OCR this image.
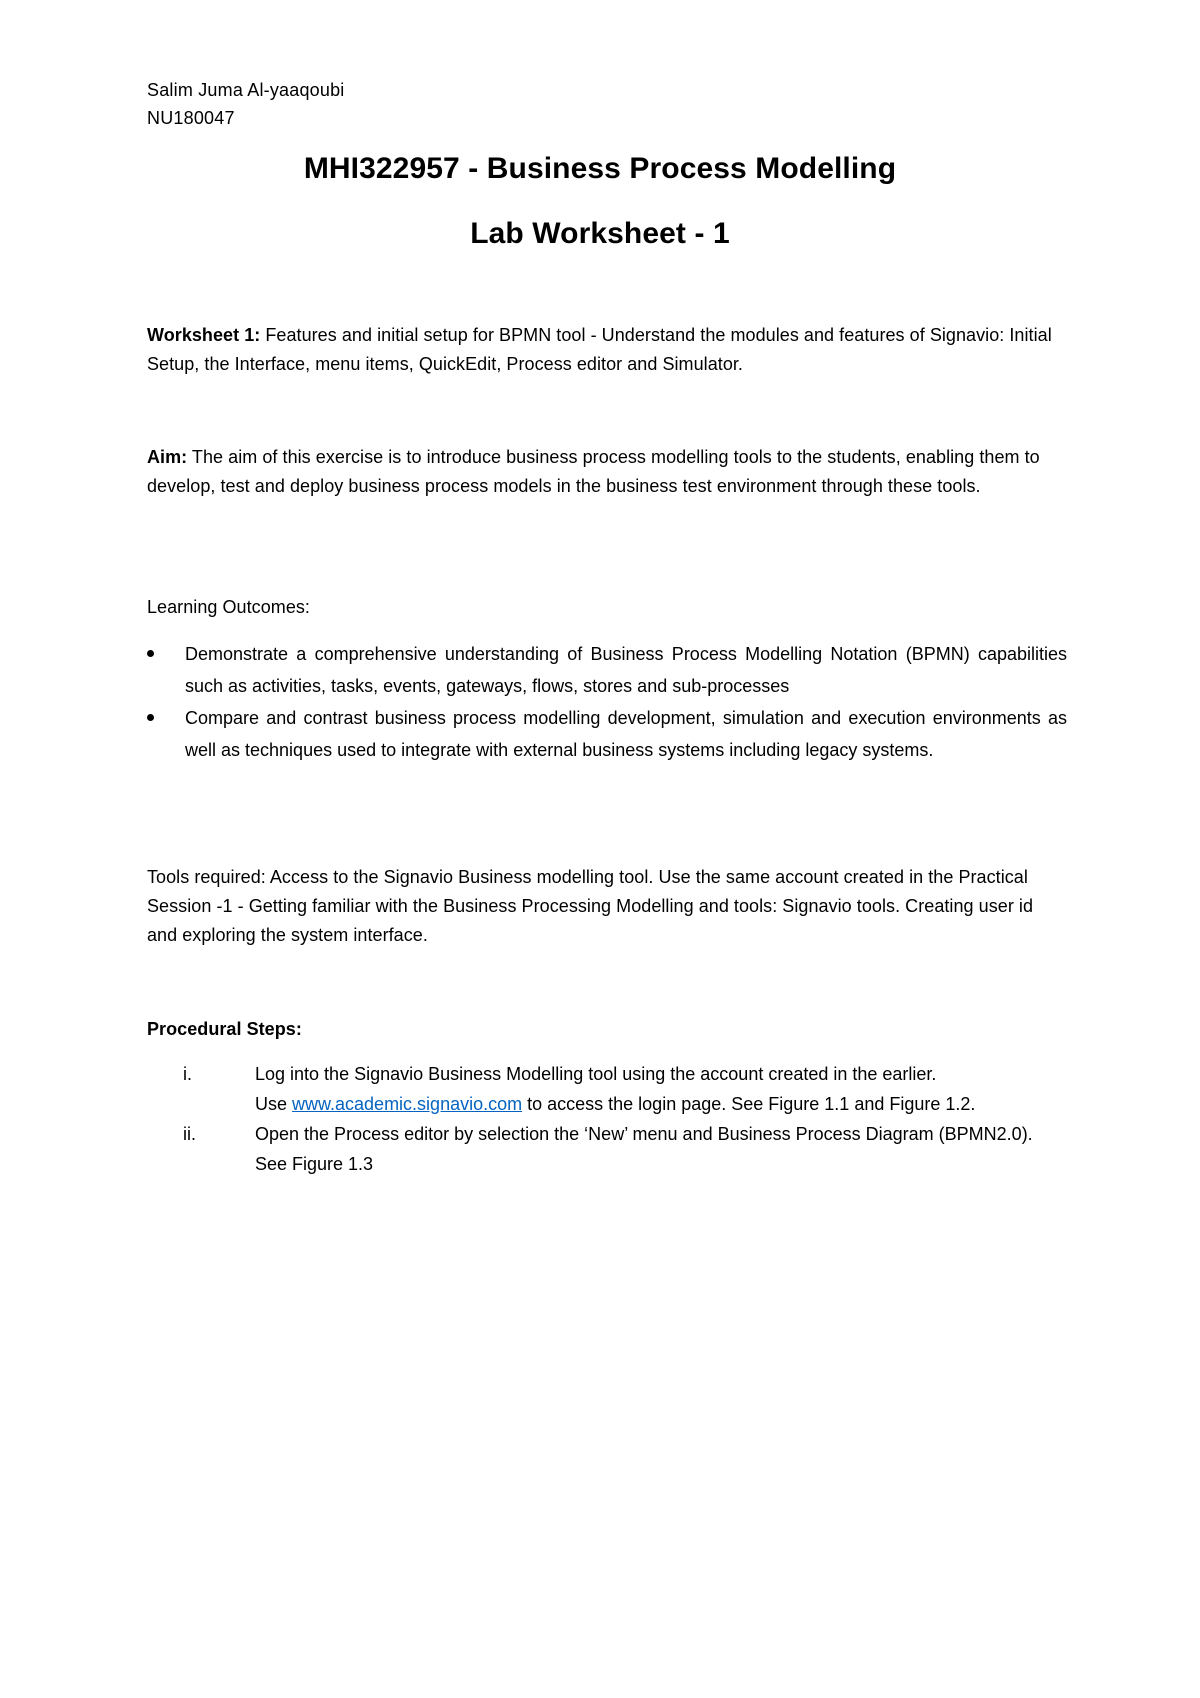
Salim Juma Al-yaaqoubi
NU180047
MHI322957 - Business Process Modelling
Lab Worksheet - 1
Worksheet 1: Features and initial setup for BPMN tool - Understand the modules and features of Signavio: Initial Setup, the Interface, menu items, QuickEdit, Process editor and Simulator.
Aim: The aim of this exercise is to introduce business process modelling tools to the students, enabling them to develop, test and deploy business process models in the business test environment through these tools.
Learning Outcomes:
Demonstrate a comprehensive understanding of Business Process Modelling Notation (BPMN) capabilities such as activities, tasks, events, gateways, flows, stores and sub-processes
Compare and contrast business process modelling development, simulation and execution environments as well as techniques used to integrate with external business systems including legacy systems.
Tools required: Access to the Signavio Business modelling tool. Use the same account created in the Practical Session -1 - Getting familiar with the Business Processing Modelling and tools: Signavio tools. Creating user id and exploring the system interface.
Procedural Steps:
i.	Log into the Signavio Business Modelling tool using the account created in the earlier.
Use www.academic.signavio.com to access the login page. See Figure 1.1 and Figure 1.2.
ii.	Open the Process editor by selection the ‘New’ menu and Business Process Diagram (BPMN2.0). See Figure 1.3
